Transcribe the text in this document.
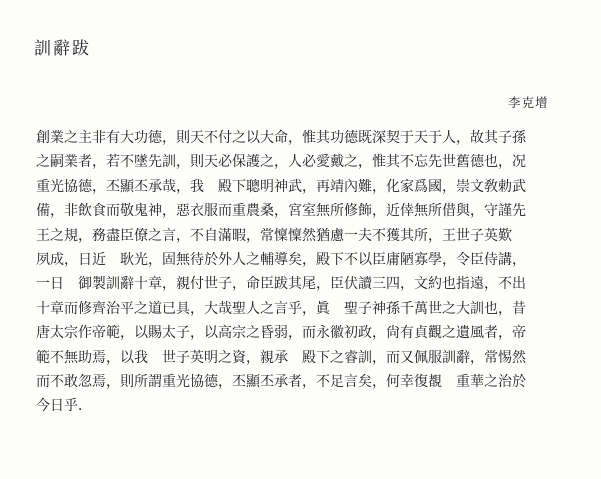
訓辭跋
李克增
創業之主非有大功德，則天不付之以大命，惟其功德既深契于天于人，故其子孫
之嗣業者，若不墜先訓，則天必保護之，人必愛戴之，惟其不忘先世舊德也，况
重光協德，丕顯丕承哉，我　殿下聰明神武，再靖內難，化家爲國，崇文敎勅武
備，非飲食而敬鬼神，惡衣服而重農桑，宮室無所修飾，近倖無所借與，守謹先
王之規，務盡臣僚之言，不自滿暇，常懍懍然猶慮一夫不獲其所，王世子英歎
夙成，日近　耿光，固無待於外人之輔導矣，殿下不以臣庸陋寡學，令臣侍講，
一日　御製訓辭十章，親付世子，命臣跋其尾，臣伏讀三四，文約也指遠，不出
十章而修齊治平之道已具，大哉聖人之言乎，眞　聖子神孫千萬世之大訓也，昔
唐太宗作帝範，以賜太子，以高宗之昏弱，而永徽初政，尙有貞觀之遺風者，帝
範不無助焉，以我　世子英明之資，親承　殿下之睿訓，而又佩服訓辭，常惕然
而不敢忽焉，則所謂重光協德，丕顯丕承者，不足言矣，何幸復覩　重華之治於
今日乎．
